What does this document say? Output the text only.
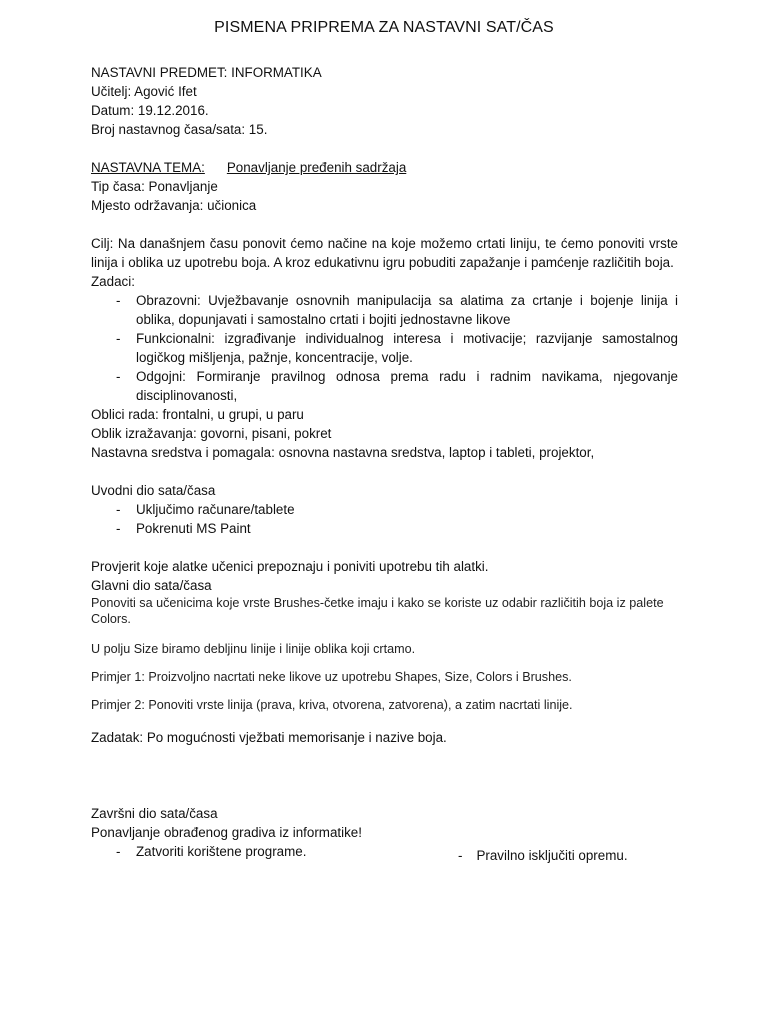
PISMENA PRIPREMA ZA NASTAVNI SAT/ČAS
NASTAVNI PREDMET: INFORMATIKA
Učitelj: Agović Ifet
Datum: 19.12.2016.
Broj nastavnog časa/sata: 15.
NASTAVNA TEMA: Ponavljanje pređenih sadržaja
Tip časa: Ponavljanje
Mjesto održavanja: učionica
Cilj: Na današnjem času ponovit ćemo načine na koje možemo crtati liniju, te ćemo ponoviti vrste linija i oblika uz upotrebu boja. A kroz edukativnu igru pobuditi zapažanje i pamćenje različitih boja.
Zadaci:
- Obrazovni: Uvježbavanje osnovnih manipulacija sa alatima za crtanje i bojenje linija i oblika, dopunjavati i samostalno crtati i bojiti jednostavne likove
- Funkcionalni: izgrađivanje individualnog interesa i motivacije; razvijanje samostalnog logičkog mišljenja, pažnje, koncentracije, volje.
- Odgojni: Formiranje pravilnog odnosa prema radu i radnim navikama, njegovanje disciplinovanosti,
Oblici rada: frontalni, u grupi, u paru
Oblik izražavanja: govorni, pisani, pokret
Nastavna sredstva i pomagala: osnovna nastavna sredstva, laptop i tableti, projektor,
Uvodni dio sata/časa
- Uključimo računare/tablete
- Pokrenuti MS Paint
Provjerit koje alatke učenici prepoznaju i poniviti upotrebu tih alatki.
Glavni dio sata/časa
Ponoviti sa učenicima koje vrste Brushes-četke imaju i kako se koriste uz odabir različitih boja iz palete Colors.
U polju Size biramo debljinu linije i linije oblika koji crtamo.
Primjer 1: Proizvoljno nacrtati neke likove uz upotrebu Shapes, Size, Colors i Brushes.
Primjer 2: Ponoviti vrste linija (prava, kriva, otvorena, zatvorena), a zatim nacrtati linije.
Zadatak: Po mogućnosti vježbati memorisanje i nazive boja.
Završni dio sata/časa
Ponavljanje obrađenog gradiva iz informatike!
- Zatvoriti korištene programe.	- Pravilno isključiti opremu.
